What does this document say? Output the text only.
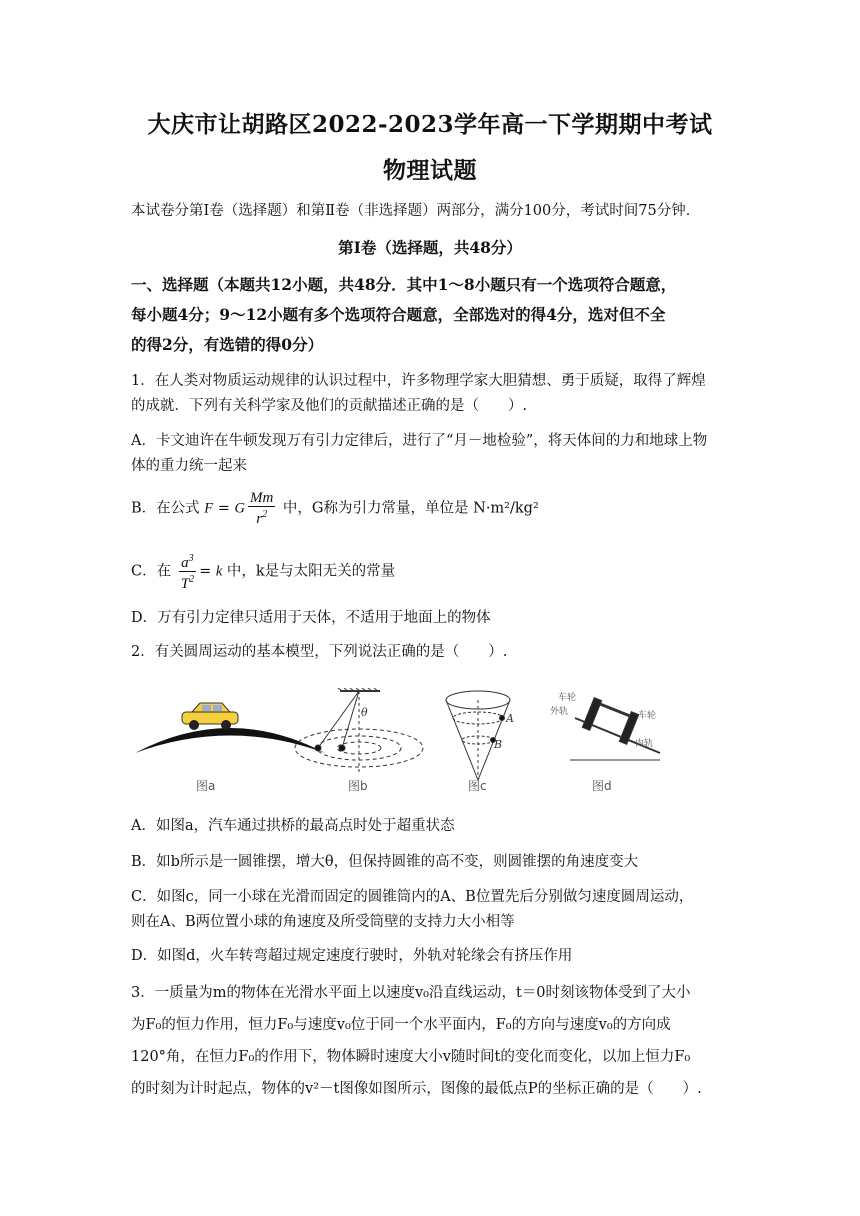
大庆市让胡路区2022-2023学年高一下学期期中考试
物理试题
本试卷分第Ⅰ卷（选择题）和第Ⅱ卷（非选择题）两部分，满分100分，考试时间75分钟．
第Ⅰ卷（选择题，共48分）
一、选择题（本题共12小题，共48分．其中1～8小题只有一个选项符合题意，
每小题4分；9～12小题有多个选项符合题意，全部选对的得4分，选对但不全
的得2分，有选错的得0分）
1．在人类对物质运动规律的认识过程中，许多物理学家大胆猜想、勇于质疑，取得了辉煌
的成就．下列有关科学家及他们的贡献描述正确的是（　　）.
A．卡文迪许在牛顿发现万有引力定律后，进行了“月－地检验”，将天体间的力和地球上物
体的重力统一起来
B．在公式 F = G $\frac{Mm}{r^2}$ 中，G称为引力常量，单位是 N·m²/kg²
C．在 $\frac{a^3}{T^2} = k$ 中，k是与太阳无关的常量
D．万有引力定律只适用于天体，不适用于地面上的物体
2．有关圆周运动的基本模型，下列说法正确的是（　　）.
θ	A
B
车轮
外轨	车轮
内轨
图a	图b	图c	图d
A．如图a，汽车通过拱桥的最高点时处于超重状态
B．如b所示是一圆锥摆，增大θ，但保持圆锥的高不变，则圆锥摆的角速度变大
C．如图c，同一小球在光滑而固定的圆锥筒内的A、B位置先后分别做匀速度圆周运动，
则在A、B两位置小球的角速度及所受筒壁的支持力大小相等
D．如图d，火车转弯超过规定速度行驶时，外轨对轮缘会有挤压作用
3．一质量为m的物体在光滑水平面上以速度v₀沿直线运动，t＝0时刻该物体受到了大小
为F₀的恒力作用，恒力F₀与速度v₀位于同一个水平面内，F₀的方向与速度v₀的方向成
120°角，在恒力F₀的作用下，物体瞬时速度大小v随时间t的变化而变化，以加上恒力F₀
的时刻为计时起点，物体的v²－t图像如图所示，图像的最低点P的坐标正确的是（　　）.
